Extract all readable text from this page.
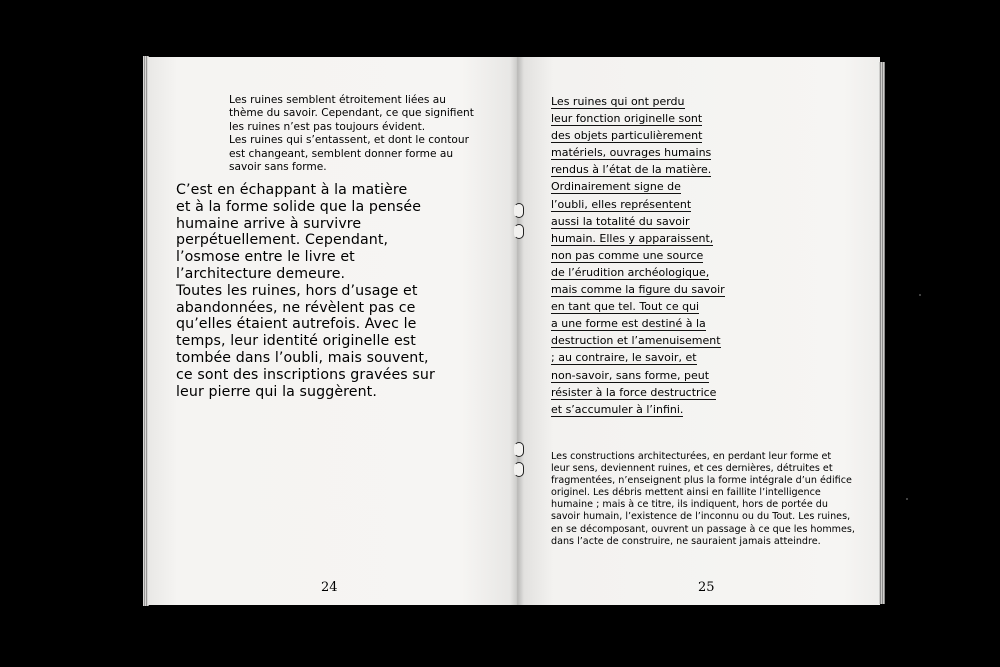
Les ruines semblent étroitement liées au
thème du savoir. Cependant, ce que signifient
les ruines n’est pas toujours évident.
Les ruines qui s’entassent, et dont le contour
est changeant, semblent donner forme au
savoir sans forme.
C’est en échappant à la matière
et à la forme solide que la pensée
humaine arrive à survivre
perpétuellement. Cependant,
l’osmose entre le livre et
l’architecture demeure.
Toutes les ruines, hors d’usage et
abandonnées, ne révèlent pas ce
qu’elles étaient autrefois. Avec le
temps, leur identité originelle est
tombée dans l’oubli, mais souvent,
ce sont des inscriptions gravées sur
leur pierre qui la suggèrent.
24
Les ruines qui ont perdu
leur fonction originelle sont
des objets particulièrement
matériels, ouvrages humains
rendus à l’état de la matière.
Ordinairement signe de
l’oubli, elles représentent
aussi la totalité du savoir
humain. Elles y apparaissent,
non pas comme une source
de l’érudition archéologique,
mais comme la figure du savoir
en tant que tel. Tout ce qui
a une forme est destiné à la
destruction et l’amenuisement
; au contraire, le savoir, et
non-savoir, sans forme, peut
résister à la force destructrice
et s’accumuler à l’infini.
Les constructions architecturées, en perdant leur forme et
leur sens, deviennent ruines, et ces dernières, détruites et
fragmentées, n’enseignent plus la forme intégrale d’un édifice
originel. Les débris mettent ainsi en faillite l’intelligence
humaine ; mais à ce titre, ils indiquent, hors de portée du
savoir humain, l’existence de l’inconnu ou du Tout. Les ruines,
en se décomposant, ouvrent un passage à ce que les hommes,
dans l’acte de construire, ne sauraient jamais atteindre.
25
